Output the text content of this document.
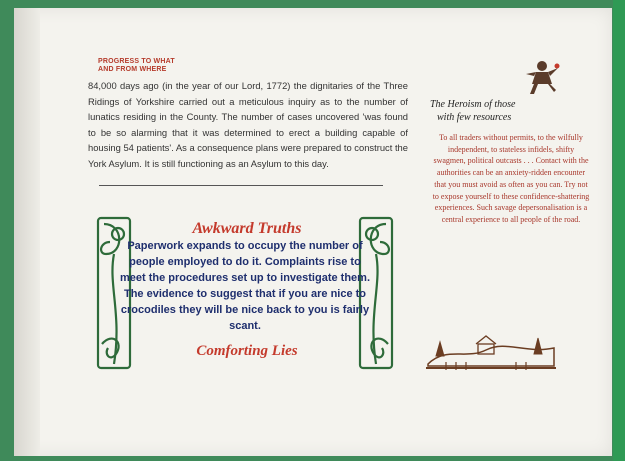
PROGRESS TO WHAT
AND FROM WHERE
84,000 days ago (in the year of our Lord, 1772) the dignitaries of the Three Ridings of Yorkshire carried out a meticulous inquiry as to the number of lunatics residing in the County. The number of cases uncovered 'was found to be so alarming that it was determined to erect a building capable of housing 54 patients'. As a consequence plans were prepared to construct the York Asylum. It is still functioning as an Asylum to this day.
Awkward Truths
Paperwork expands to occupy the number of people employed to do it. Complaints rise to meet the procedures set up to investigate them. The evidence to suggest that if you are nice to crocodiles they will be nice back to you is fairly scant.
Comforting Lies
The Heroism of those
with few resources
To all traders without permits, to the wilfully independent, to stateless infidels, shifty swagmen, political outcasts . . . Contact with the authorities can be an anxiety-ridden encounter that you must avoid as often as you can. Try not to expose yourself to these confidence-shattering experiences. Such savage depersonalisation is a central experience to all people of the road.
